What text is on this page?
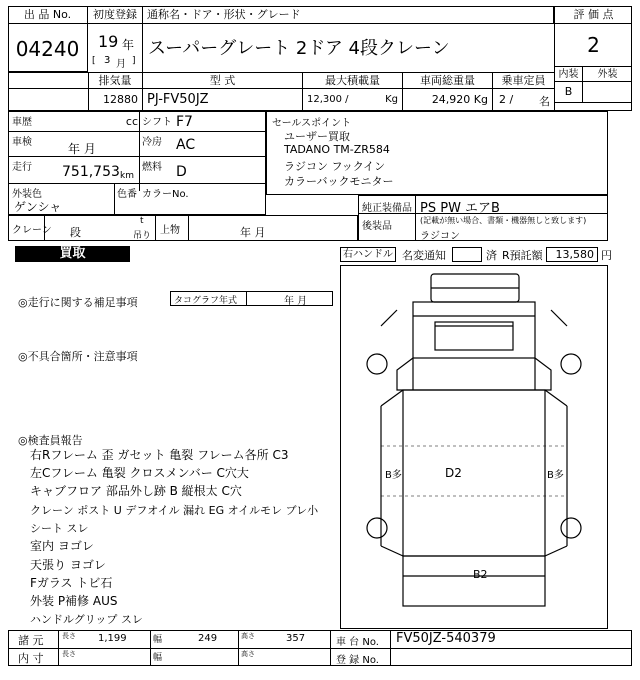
出 品 No.
04240
初度登録 通称名・ドア・形状・グレード
19 年
[ 3 月 ]
スーパーグレート 2ドア 4段クレーン
評 価 点
2
内装	外装
B
排気量	型 式	最大積載量	車両総重量	乗車定員
12880 cc
PJ-FV50JZ	12,300 /	Kg	24,920 Kg	2 / 名
車歴	シフト F7
車検	年 月	冷房 AC
走行 751,753 km
燃料 D
外装色
ゲンシャ
色番 カラーNo.
セールスポイント
ユーザー買取
TADANO TM-ZR584
ラジコン フックイン
カラーバックモニター
純正装備品 PS PW エアB
後装品
(記載が無い場合、書類・機器無しと致します)
ラジコン
クレーン 段
t
吊り 上物	年 月
買取	右ハンドル 名変通知	済 R預託額	13,580 円
◎走行に関する補足事項	タコグラフ年式	年 月
◎不具合箇所・注意事項
◎検査員報告
右Rフレーム 歪 ガセット 亀裂 フレーム各所 C3
左Cフレーム 亀裂 クロスメンバー C穴大
キャブフロア 部品外し跡 B 縦根太 C穴
クレーン ポスト U デフオイル 漏れ EG オイルモレ ブレ小
シート スレ
室内 ヨゴレ
天張り ヨゴレ
Fガラス トビ石
外装 P補修 AUS
ハンドルグリップ スレ
B多	D2	B多
B2
諸 元	長さ 1,199	幅	249	高さ	357	車 台 No. FV50JZ-540379
内 寸	長さ	幅	高さ
登 録 No.
